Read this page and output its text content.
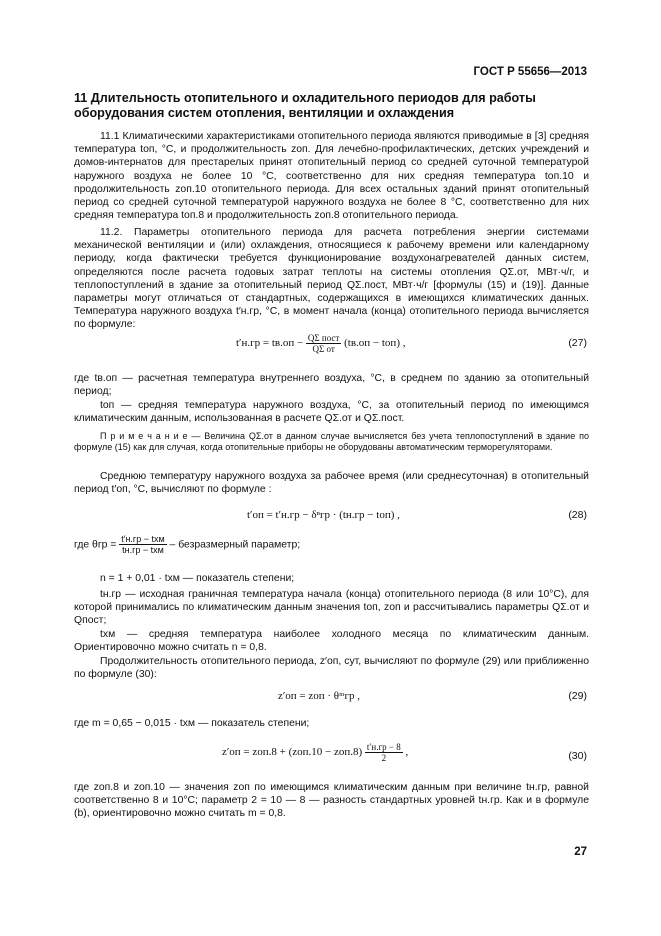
ГОСТ Р 55656—2013
11 Длительность отопительного и охладительного периодов для работы оборудования систем отопления, вентиляции и охлаждения

11.1 Климатическими характеристиками отопительного периода являются приводимые в [3] средняя температура tоп, °С, и продолжительность zоп. Для лечебно-профилактических, детских учреждений и домов-интернатов для престарелых принят отопительный период со средней суточной температурой наружного воздуха не более 10 °С, соответственно для них средняя температура tоп.10 и продолжительность zоп.10 отопительного периода. Для всех остальных зданий принят отопительный период со средней суточной температурой наружного воздуха не более 8 °С, соответственно для них средняя температура tоп.8 и продолжительность zоп.8 отопительного периода.

11.2. Параметры отопительного периода для расчета потребления энергии системами механической вентиляции и (или) охлаждения, относящиеся к рабочему времени или календарному периоду, когда фактически требуется функционирование воздухонагревателей данных систем, определяются после расчета годовых затрат теплоты на системы отопления QΣ.от, МВт·ч/г, и теплопоступлений в здание за отопительный период QΣ.пост, МВт·ч/г [формулы (15) и (19)]. Данные параметры могут отличаться от стандартных, содержащихся в имеющихся климатических данных. Температура наружного воздуха t′н.гр, °С, в момент начала (конца) отопительного периода вычисляется по формуле:

$t'н.гр = tв.оп - \frac{\text{QΣ пост}}{\text{QΣ от}} (tв.оп - tоп)$ ,	(27)

где tв.оп — расчетная температура внутреннего воздуха, °С, в среднем по зданию за отопительный период;

tоп — средняя температура наружного воздуха, °С, за отопительный период по имеющимся климатическим данным, использованная в расчете QΣ.от и QΣ.пост.

П р и м е ч а н и е — Величина QΣ.от в данном случае вычисляется без учета теплопоступлений в здание по формуле (15) как для случая, когда отопительные приборы не оборудованы автоматическим терморегуляторами.

Среднюю температуру наружного воздуха за рабочее время (или среднесуточная) в отопительный период t′оп, °С, вычисляют по формуле :

t′оп = t′н.гр − δⁿгр · (tн.гр − tоп) ,	(28)
где $\theta гр = \frac{\text{t′н.гр − tхм}}{\text{tн.гр − tхм}}$ – безразмерный параметр;

n = 1 + 0,01 · tхм — показатель степени;

tн.гр — исходная граничная температура начала (конца) отопительного периода (8 или 10°С), для которой принимались по климатическим данным значения tоп, zоп и рассчитывались параметры QΣ.от и Qпост;

tхм — средняя температура наиболее холодного месяца по климатическим данным. Ориентировочно можно считать n = 0,8.

Продолжительность отопительного периода, z′оп, сут, вычисляют по формуле (29) или приближенно по формуле (30):

z′оп = zоп · θᵐгр ,	(29)

где m = 0,65 − 0,015 · tхм — показатель степени;

$z'оп = zоп.8 + (zоп.10 - zоп.8) \frac{t'н.гр - 8}{2}$ ,	(30)

где zоп.8 и zоп.10 — значения zоп по имеющимся климатическим данным при величине tн.гр, равной соответственно 8 и 10°С; параметр 2 = 10 — 8 — разность стандартных уровней tн.гр. Как и в формуле (b), ориентировочно можно считать m = 0,8.

27
